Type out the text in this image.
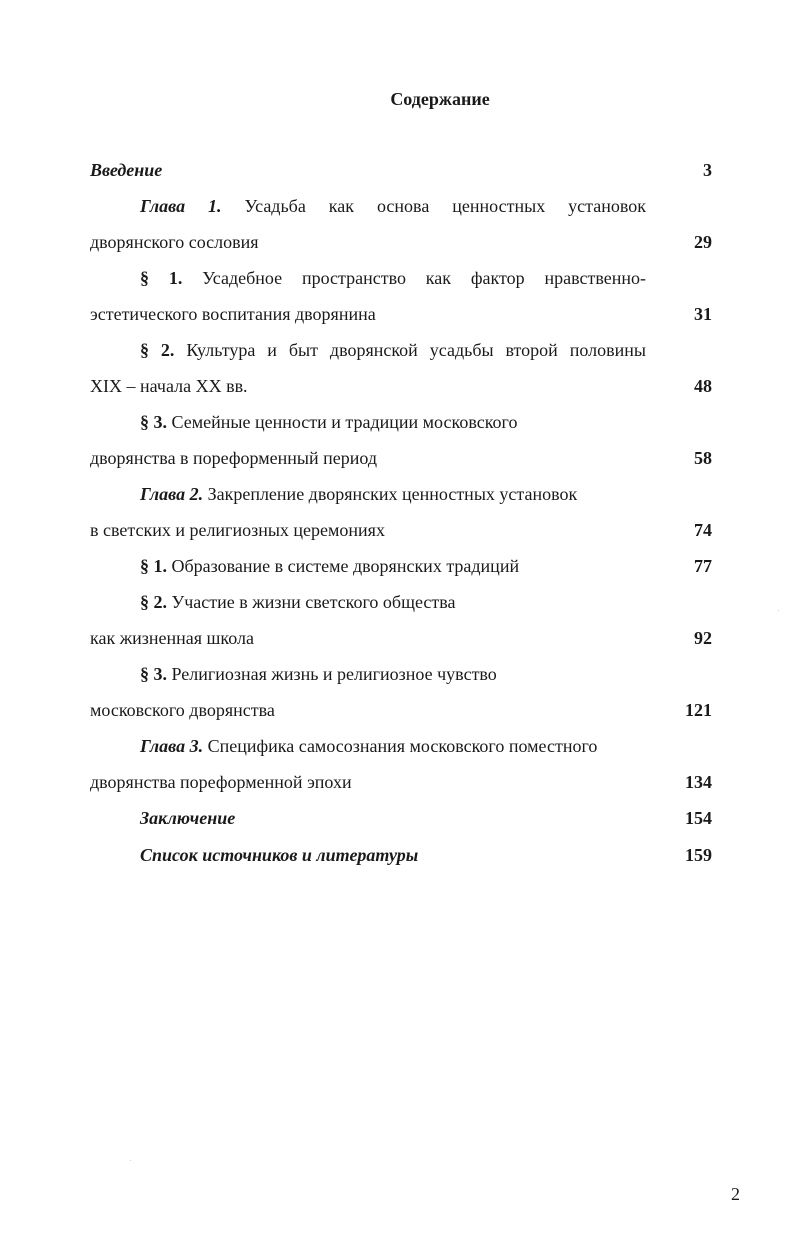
Содержание
Введение	3
Глава 1. Усадьба как основа ценностных установок
дворянского сословия	29
§ 1. Усадебное пространство как фактор нравственно-
эстетического воспитания дворянина	31
§ 2. Культура и быт дворянской усадьбы второй половины
XIX – начала XX вв.	48
§ 3. Семейные ценности и традиции московского
дворянства в пореформенный период	58
Глава 2. Закрепление дворянских ценностных установок
в светских и религиозных церемониях	74
§ 1. Образование в системе дворянских традиций	77
§ 2. Участие в жизни светского общества
как жизненная школа	92
§ 3. Религиозная жизнь и религиозное чувство
московского дворянства	121
Глава 3. Специфика самосознания московского поместного
дворянства пореформенной эпохи	134
Заключение	154
Список источников и литературы	159
2
